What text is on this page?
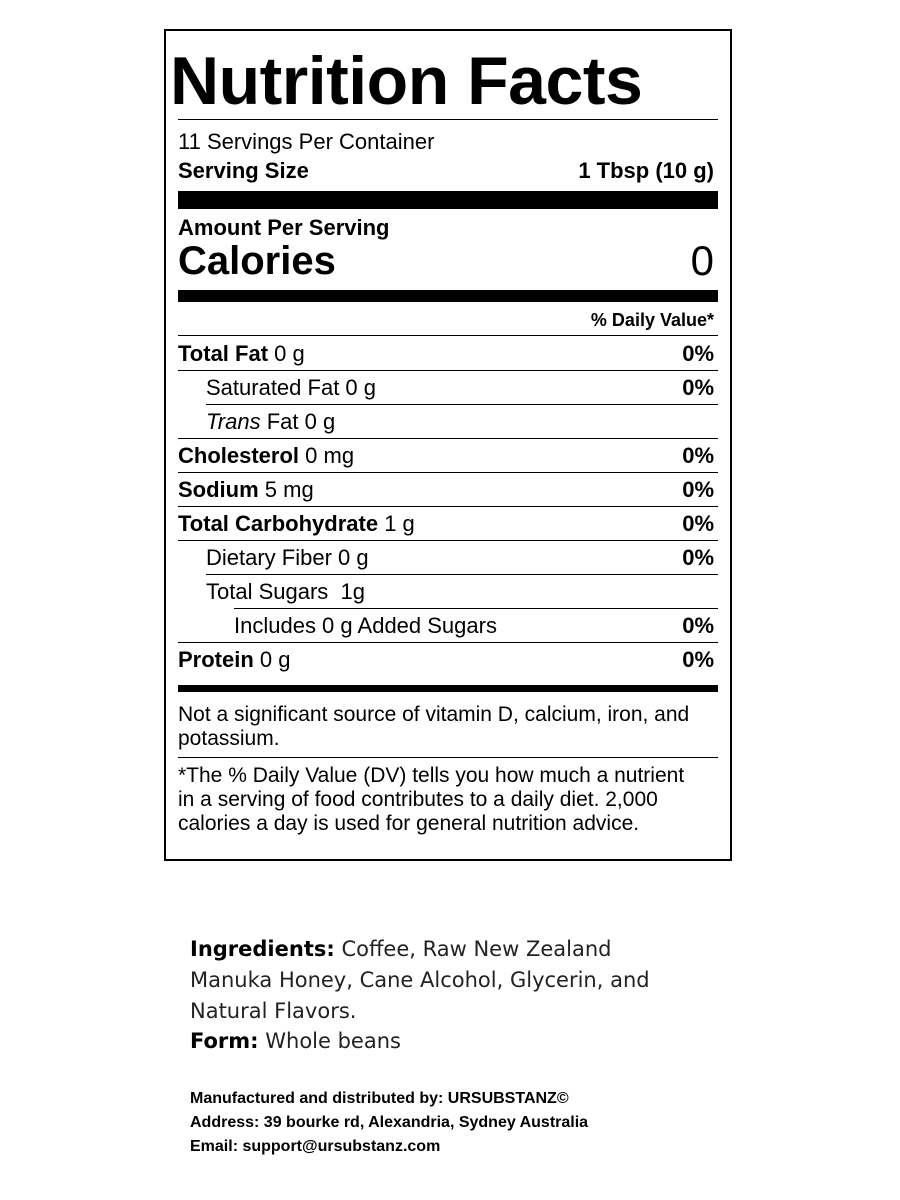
Nutrition Facts
11 Servings Per Container
Serving Size	1 Tbsp (10 g)
Amount Per Serving
Calories	0
% Daily Value*
Total Fat 0 g	0%
Saturated Fat 0 g	0%
Trans Fat 0 g
Cholesterol 0 mg	0%
Sodium 5 mg	0%
Total Carbohydrate 1 g	0%
Dietary Fiber 0 g	0%
Total Sugars  1g
Includes 0 g Added Sugars	0%
Protein 0 g	0%
Not a significant source of vitamin D, calcium, iron, and potassium.
*The % Daily Value (DV) tells you how much a nutrient in a serving of food contributes to a daily diet. 2,000 calories a day is used for general nutrition advice.
Ingredients: Coffee, Raw New Zealand Manuka Honey, Cane Alcohol, Glycerin, and Natural Flavors.
Form: Whole beans
Manufactured and distributed by: URSUBSTANZ©
Address: 39 bourke rd, Alexandria, Sydney Australia
Email: support@ursubstanz.com
